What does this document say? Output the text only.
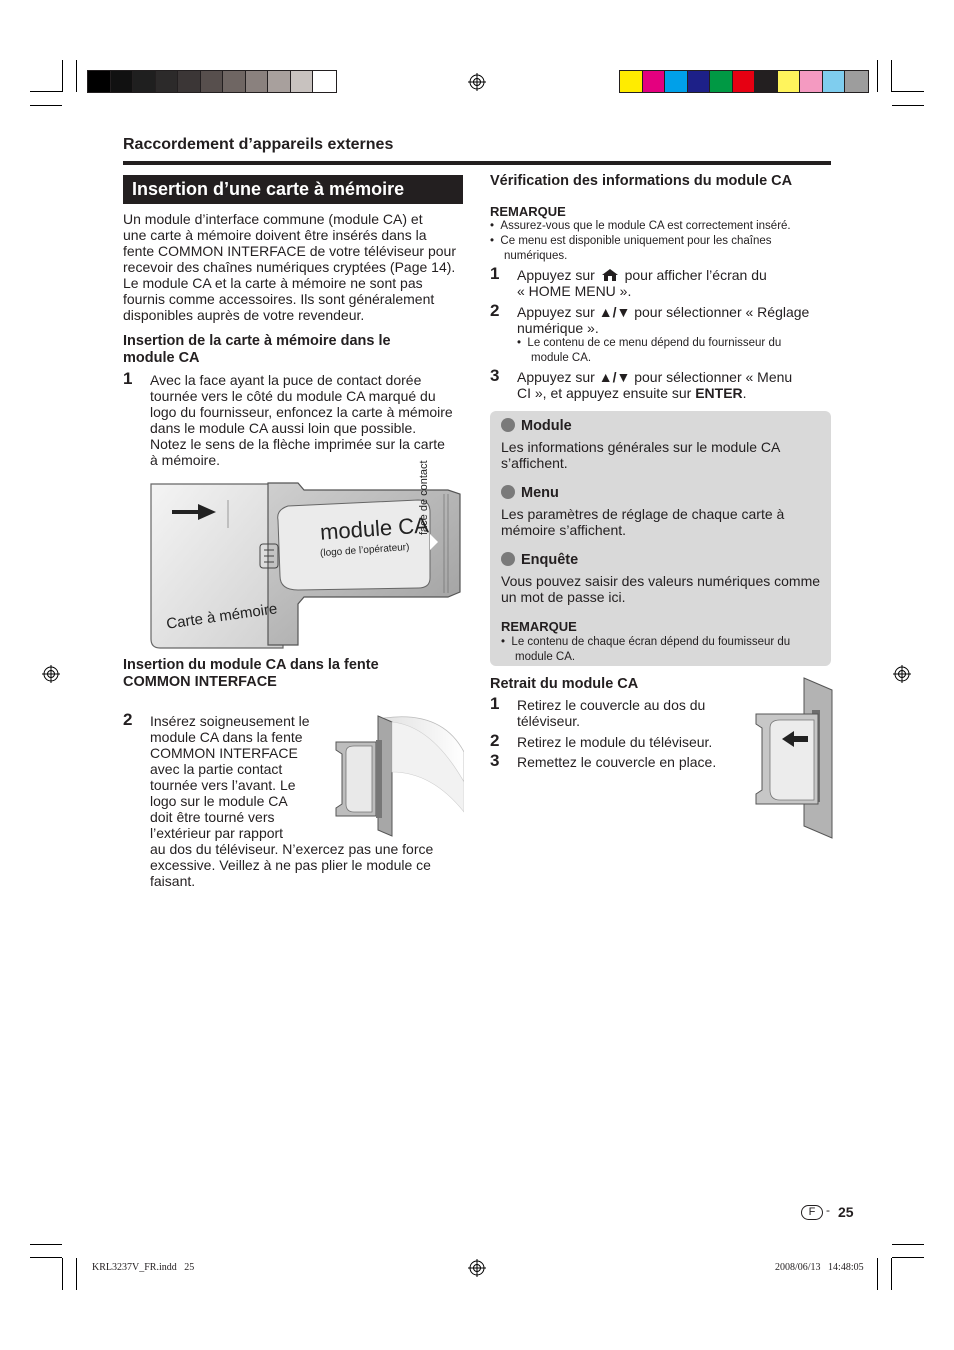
Raccordement d’appareils externes
Insertion d’une carte à mémoire
Un module d’interface commune (module CA) et
une carte à mémoire doivent être insérés dans la
fente COMMON INTERFACE de votre téléviseur pour
recevoir des chaînes numériques cryptées (Page 14).
Le module CA et la carte à mémoire ne sont pas
fournis comme accessoires. Ils sont généralement
disponibles auprès de votre revendeur.
Insertion de la carte à mémoire dans le
module CA
1 Avec la face ayant la puce de contact dorée
tournée vers le côté du module CA marqué du
logo du fournisseur, enfoncez la carte à mémoire
dans le module CA aussi loin que possible.
Notez le sens de la flèche imprimée sur la carte
à mémoire.
module CA
(logo de l’opérateur)
Carte à mémoire
face de contact
Insertion du module CA dans la fente
COMMON INTERFACE
2 Insérez soigneusement le
module CA dans la fente
COMMON INTERFACE
avec la partie contact
tournée vers l’avant. Le
logo sur le module CA
doit être tourné vers
l’extérieur par rapport
au dos du téléviseur. N’exercez pas une force
excessive. Veillez à ne pas plier le module ce
faisant.
Vérification des informations du module CA
REMARQUE
•  Assurez-vous que le module CA est correctement inséré.
•  Ce menu est disponible uniquement pour les chaînes
numériques.
1 Appuyez sur pour afficher l’écran du
« HOME MENU ».
2 Appuyez sur ▲/▼ pour sélectionner « Réglage
numérique ».
•  Le contenu de ce menu dépend du fournisseur du
module CA.
3 Appuyez sur ▲/▼ pour sélectionner « Menu
CI », et appuyez ensuite sur ENTER.
Module
Les informations générales sur le module CA
s’affichent.
Menu
Les paramètres de réglage de chaque carte à
mémoire s’affichent.
Enquête
Vous pouvez saisir des valeurs numériques comme
un mot de passe ici.
REMARQUE
•  Le contenu de chaque écran dépend du foumisseur du
module CA.
Retrait du module CA
1 Retirez le couvercle au dos du
téléviseur.
2 Retirez le module du téléviseur.
3 Remettez le couvercle en place.
F - 25
KRL3237V_FR.indd   25	2008/06/13   14:48:05
